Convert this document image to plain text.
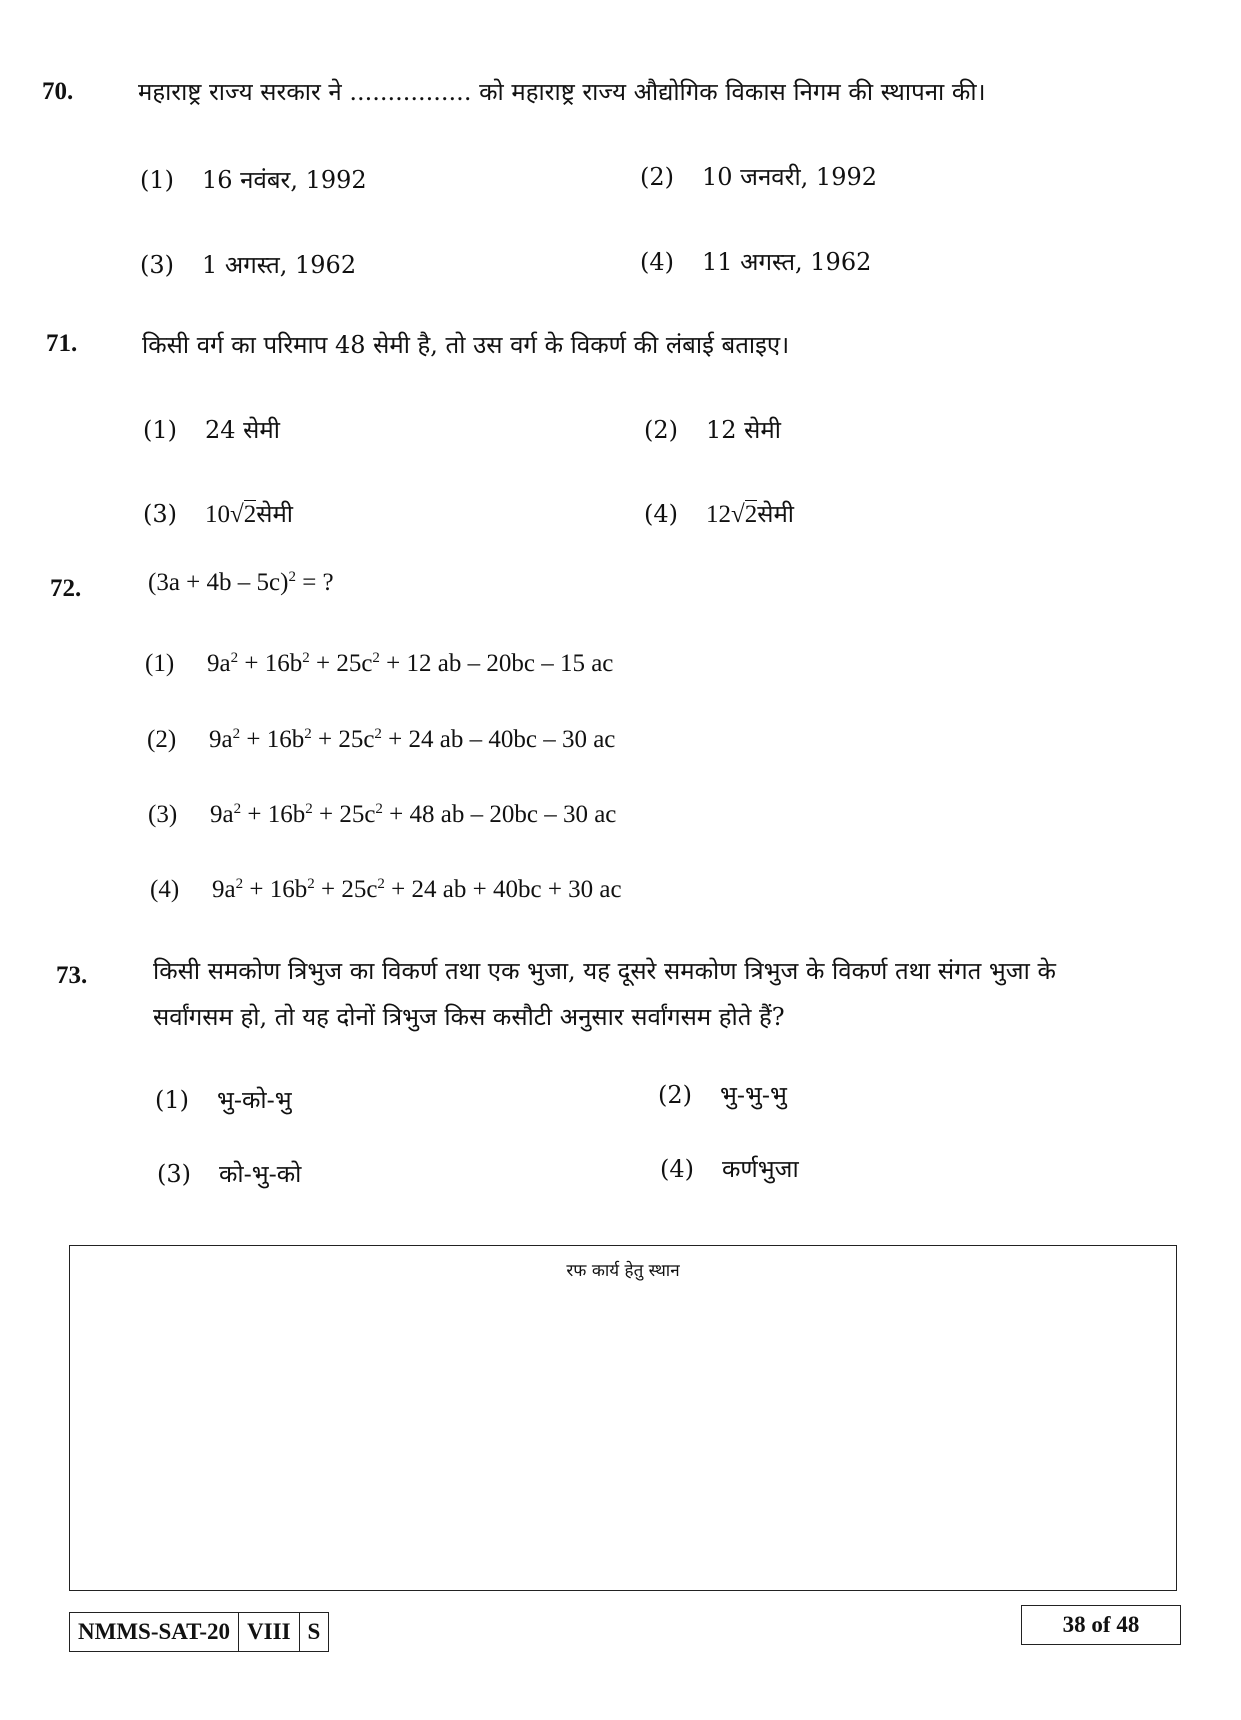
70.	महाराष्ट्र राज्य सरकार ने ................ को महाराष्ट्र राज्य औद्योगिक विकास निगम की स्थापना की।
(1) 16 नवंबर, 1992	(2) 10 जनवरी, 1992
(3) 1 अगस्त, 1962	(4) 11 अगस्त, 1962
71.	किसी वर्ग का परिमाप 48 सेमी है, तो उस वर्ग के विकर्ण की लंबाई बताइए।
(1) 24 सेमी	(2) 12 सेमी
(3) 10√2सेमी	(4) 12√2सेमी
72.	$(3a + 4b - 5c)^2$ = ?
(1) $9a^2 + 16b^2 + 25c^2 + 12$ ab – 20bc – 15 ac
(2) $9a^2 + 16b^2 + 25c^2 + 24$ ab – 40bc – 30 ac
(3) $9a^2 + 16b^2 + 25c^2 + 48$ ab – 20bc – 30 ac
(4) $9a^2 + 16b^2 + 25c^2 + 24$ ab + 40bc + 30 ac
73.	किसी समकोण त्रिभुज का विकर्ण तथा एक भुजा, यह दूसरे समकोण त्रिभुज के विकर्ण तथा संगत भुजा के
सर्वांगसम हो, तो यह दोनों त्रिभुज किस कसौटी अनुसार सर्वांगसम होते हैं?
(1) भु-को-भु	(2) भु-भु-भु
(3) को-भु-को	(4) कर्णभुजा
रफ कार्य हेतु स्थान
NMMS-SAT-20 VIII S	38 of 48
